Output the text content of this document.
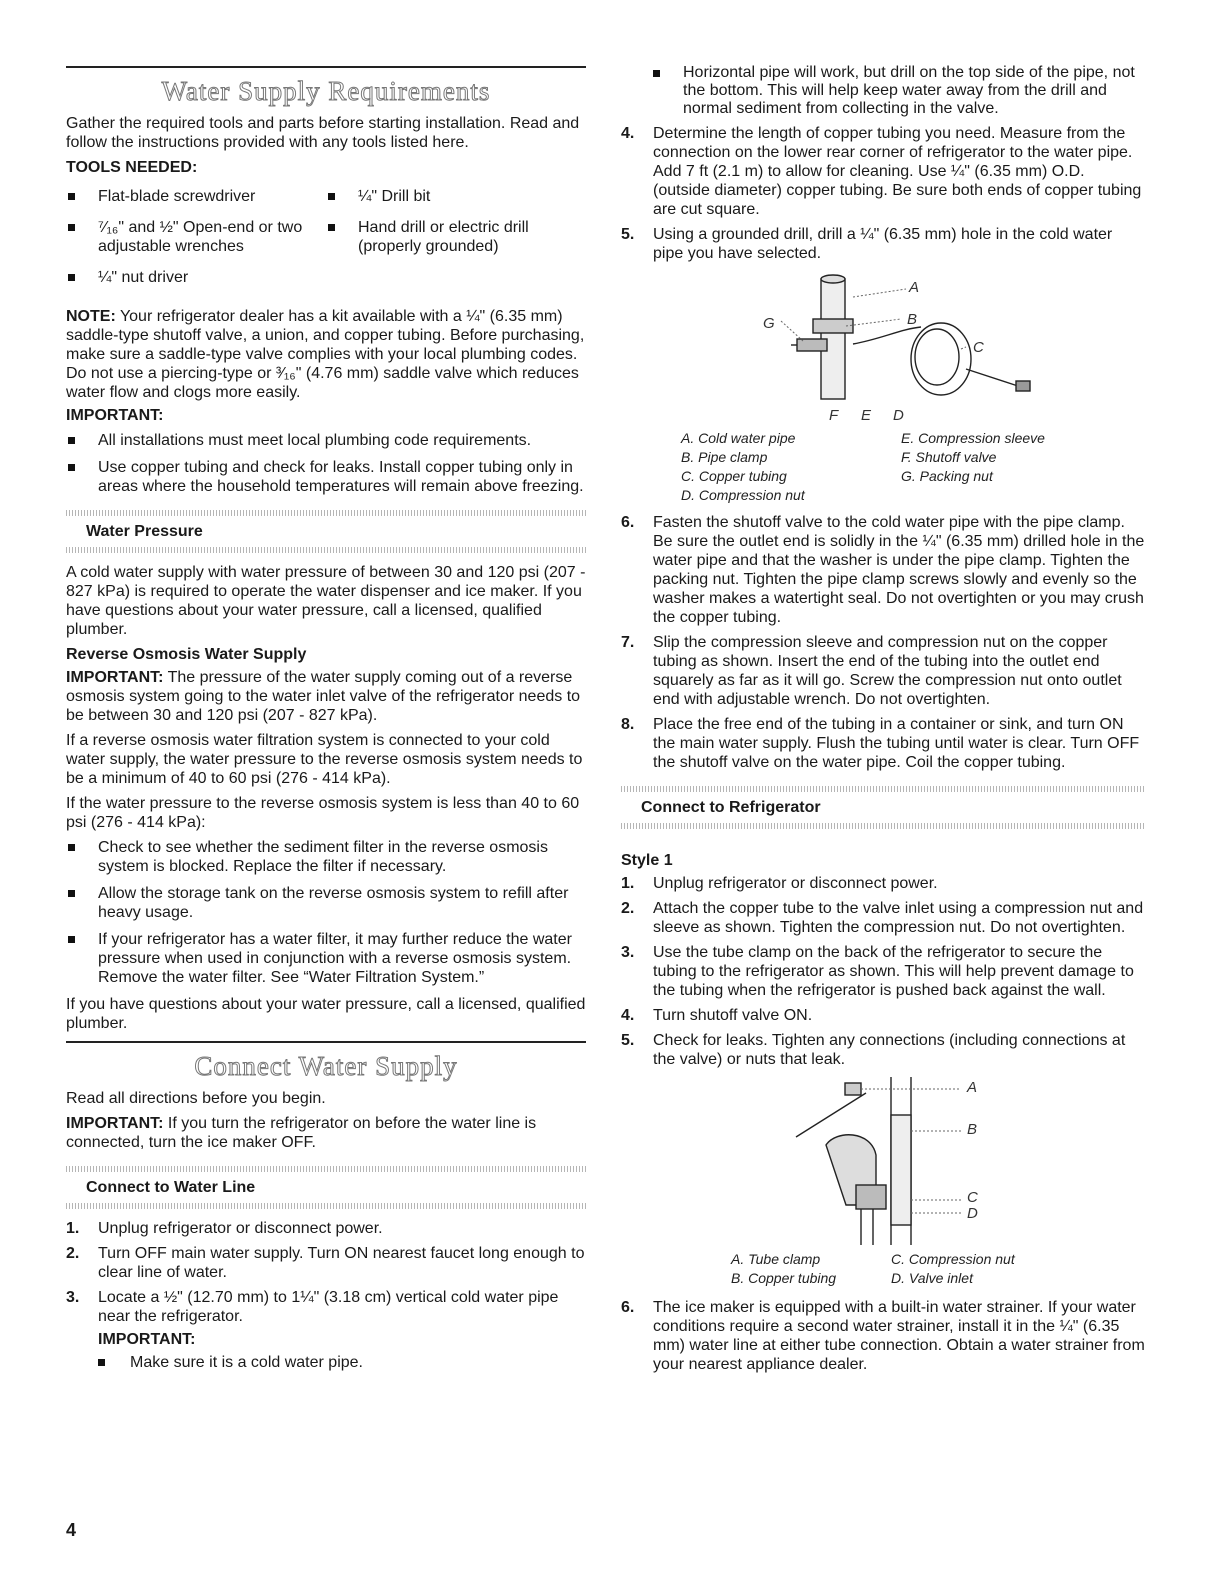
Water Supply Requirements

Gather the required tools and parts before starting installation. Read and follow the instructions provided with any tools listed here.

TOOLS NEEDED:
Flat-blade screwdriver	¼" Drill bit
⁷⁄₁₆" and ½" Open-end or two adjustable wrenches
Hand drill or electric drill (properly grounded)
¼" nut driver

NOTE: Your refrigerator dealer has a kit available with a ¼" (6.35 mm) saddle-type shutoff valve, a union, and copper tubing. Before purchasing, make sure a saddle-type valve complies with your local plumbing codes. Do not use a piercing-type or ³⁄₁₆" (4.76 mm) saddle valve which reduces water flow and clogs more easily.

IMPORTANT:
All installations must meet local plumbing code requirements.
Use copper tubing and check for leaks. Install copper tubing only in areas where the household temperatures will remain above freezing.
Water Pressure

A cold water supply with water pressure of between 30 and 120 psi (207 - 827 kPa) is required to operate the water dispenser and ice maker. If you have questions about your water pressure, call a licensed, qualified plumber.

Reverse Osmosis Water Supply

IMPORTANT: The pressure of the water supply coming out of a reverse osmosis system going to the water inlet valve of the refrigerator needs to be between 30 and 120 psi (207 - 827 kPa).

If a reverse osmosis water filtration system is connected to your cold water supply, the water pressure to the reverse osmosis system needs to be a minimum of 40 to 60 psi (276 - 414 kPa).

If the water pressure to the reverse osmosis system is less than 40 to 60 psi (276 - 414 kPa):

Check to see whether the sediment filter in the reverse osmosis system is blocked. Replace the filter if necessary.
Allow the storage tank on the reverse osmosis system to refill after heavy usage.
If your refrigerator has a water filter, it may further reduce the water pressure when used in conjunction with a reverse osmosis system. Remove the water filter. See “Water Filtration System.”

If you have questions about your water pressure, call a licensed, qualified plumber.

Connect Water Supply

Read all directions before you begin.

IMPORTANT: If you turn the refrigerator on before the water line is connected, turn the ice maker OFF.

Connect to Water Line
1. Unplug refrigerator or disconnect power.
2. Turn OFF main water supply. Turn ON nearest faucet long enough to clear line of water.
3. Locate a ½" (12.70 mm) to 1¼" (3.18 cm) vertical cold water pipe near the refrigerator.
IMPORTANT:
Make sure it is a cold water pipe.
4
Horizontal pipe will work, but drill on the top side of the pipe, not the bottom. This will help keep water away from the drill and normal sediment from collecting in the valve.
4. Determine the length of copper tubing you need. Measure from the connection on the lower rear corner of refrigerator to the water pipe. Add 7 ft (2.1 m) to allow for cleaning. Use ¼" (6.35 mm) O.D. (outside diameter) copper tubing. Be sure both ends of copper tubing are cut square.
5. Using a grounded drill, drill a ¼" (6.35 mm) hole in the cold water pipe you have selected.
A
B
C
G
F E D
A. Cold water pipe	E. Compression sleeve
B. Pipe clamp	F. Shutoff valve
C. Copper tubing	G. Packing nut
D. Compression nut
6. Fasten the shutoff valve to the cold water pipe with the pipe clamp. Be sure the outlet end is solidly in the ¼" (6.35 mm) drilled hole in the water pipe and that the washer is under the pipe clamp. Tighten the packing nut. Tighten the pipe clamp screws slowly and evenly so the washer makes a watertight seal. Do not overtighten or you may crush the copper tubing.
7. Slip the compression sleeve and compression nut on the copper tubing as shown. Insert the end of the tubing into the outlet end squarely as far as it will go. Screw the compression nut onto outlet end with adjustable wrench. Do not overtighten.
8. Place the free end of the tubing in a container or sink, and turn ON the main water supply. Flush the tubing until water is clear. Turn OFF the shutoff valve on the water pipe. Coil the copper tubing.
Connect to Refrigerator
Style 1
1. Unplug refrigerator or disconnect power.
2. Attach the copper tube to the valve inlet using a compression nut and sleeve as shown. Tighten the compression nut. Do not overtighten.
3. Use the tube clamp on the back of the refrigerator to secure the tubing to the refrigerator as shown. This will help prevent damage to the tubing when the refrigerator is pushed back against the wall.
4. Turn shutoff valve ON.
5. Check for leaks. Tighten any connections (including connections at the valve) or nuts that leak.
A
B
C
D
A. Tube clamp	C. Compression nut
B. Copper tubing	D. Valve inlet
6. The ice maker is equipped with a built-in water strainer. If your water conditions require a second water strainer, install it in the ¼" (6.35 mm) water line at either tube connection. Obtain a water strainer from your nearest appliance dealer.
